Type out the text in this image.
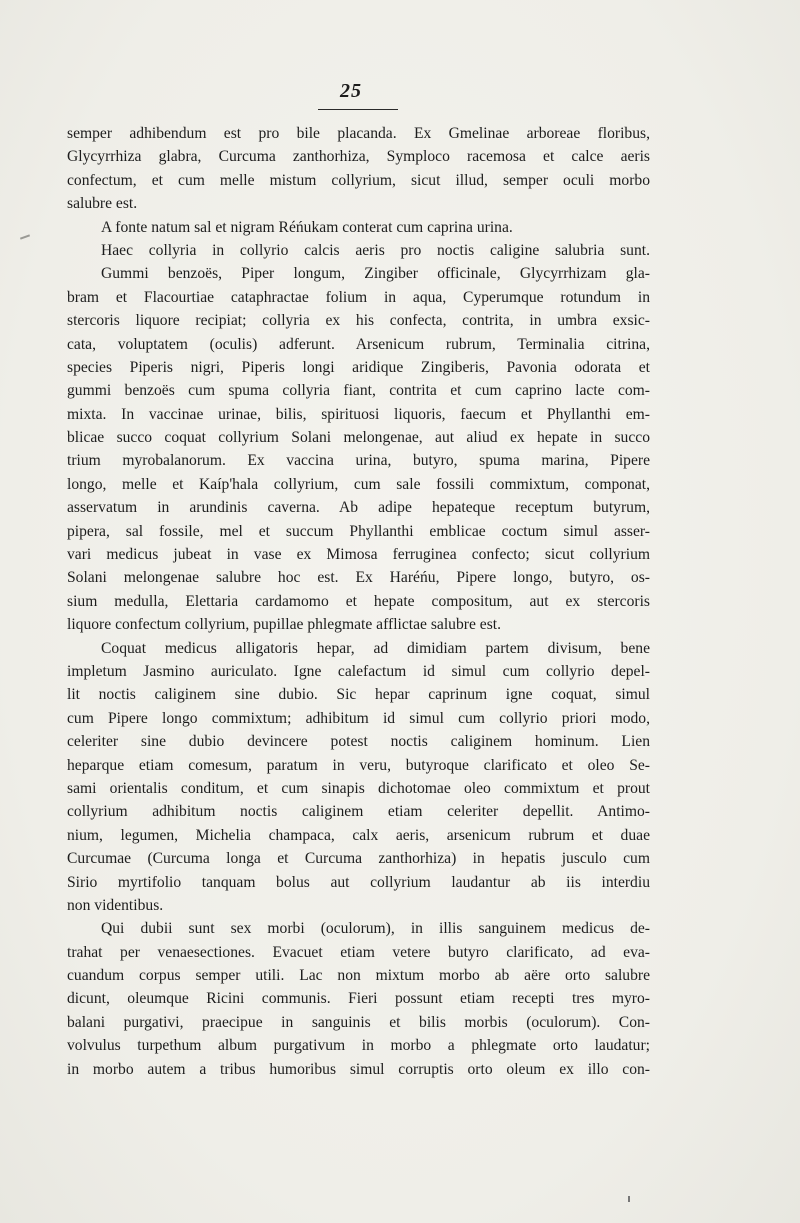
25
semper adhibendum est pro bile placanda. Ex Gmelinae arboreae floribus,
Glycyrrhiza glabra, Curcuma zanthorhiza, Symploco racemosa et calce aeris
confectum, et cum melle mistum collyrium, sicut illud, semper oculi morbo
salubre est.
A fonte natum sal et nigram Réńukam conterat cum caprina urina.
Haec collyria in collyrio calcis aeris pro noctis caligine salubria sunt.
Gummi benzoës, Piper longum, Zingiber officinale, Glycyrrhizam gla-
bram et Flacourtiae cataphractae folium in aqua, Cyperumque rotundum in
stercoris liquore recipiat; collyria ex his confecta, contrita, in umbra exsic-
cata, voluptatem (oculis) adferunt. Arsenicum rubrum, Terminalia citrina,
species Piperis nigri, Piperis longi aridique Zingiberis, Pavonia odorata et
gummi benzoës cum spuma collyria fiant, contrita et cum caprino lacte com-
mixta. In vaccinae urinae, bilis, spirituosi liquoris, faecum et Phyllanthi em-
blicae succo coquat collyrium Solani melongenae, aut aliud ex hepate in succo
trium myrobalanorum. Ex vaccina urina, butyro, spuma marina, Pipere
longo, melle et Kaíp'hala collyrium, cum sale fossili commixtum, componat,
asservatum in arundinis caverna. Ab adipe hepateque receptum butyrum,
pipera, sal fossile, mel et succum Phyllanthi emblicae coctum simul asser-
vari medicus jubeat in vase ex Mimosa ferruginea confecto; sicut collyrium
Solani melongenae salubre hoc est. Ex Haréńu, Pipere longo, butyro, os-
sium medulla, Elettaria cardamomo et hepate compositum, aut ex stercoris
liquore confectum collyrium, pupillae phlegmate afflictae salubre est.
Coquat medicus alligatoris hepar, ad dimidiam partem divisum, bene
impletum Jasmino auriculato. Igne calefactum id simul cum collyrio depel-
lit noctis caliginem sine dubio. Sic hepar caprinum igne coquat, simul
cum Pipere longo commixtum; adhibitum id simul cum collyrio priori modo,
celeriter sine dubio devincere potest noctis caliginem hominum. Lien
heparque etiam comesum, paratum in veru, butyroque clarificato et oleo Se-
sami orientalis conditum, et cum sinapis dichotomae oleo commixtum et prout
collyrium adhibitum noctis caliginem etiam celeriter depellit. Antimo-
nium, legumen, Michelia champaca, calx aeris, arsenicum rubrum et duae
Curcumae (Curcuma longa et Curcuma zanthorhiza) in hepatis jusculo cum
Sirio myrtifolio tanquam bolus aut collyrium laudantur ab iis interdiu
non videntibus.
Qui dubii sunt sex morbi (oculorum), in illis sanguinem medicus de-
trahat per venaesectiones. Evacuet etiam vetere butyro clarificato, ad eva-
cuandum corpus semper utili. Lac non mixtum morbo ab aëre orto salubre
dicunt, oleumque Ricini communis. Fieri possunt etiam recepti tres myro-
balani purgativi, praecipue in sanguinis et bilis morbis (oculorum). Con-
volvulus turpethum album purgativum in morbo a phlegmate orto laudatur;
in morbo autem a tribus humoribus simul corruptis orto oleum ex illo con-
